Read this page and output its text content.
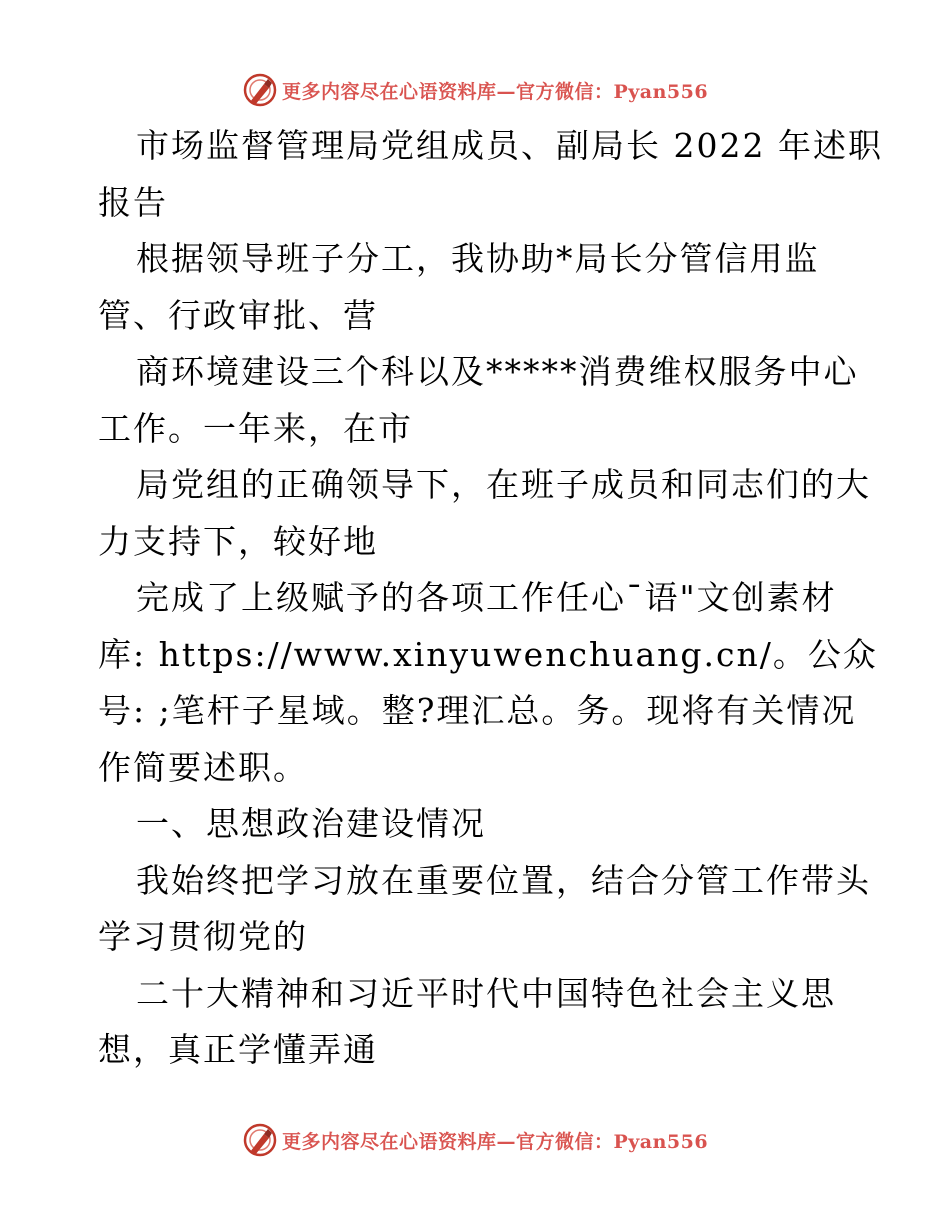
更多内容尽在心语资料库—官方微信：Pyan556
市场监督管理局党组成员、副局长 2022 年述职
报告
根据领导班子分工，我协助*局长分管信用监
管、行政审批、营
商环境建设三个科以及*****消费维权服务中心
工作。一年来，在市
局党组的正确领导下，在班子成员和同志们的大
力支持下，较好地
完成了上级赋予的各项工作任心¯语"文创素材
库: https://www.xinyuwenchuang.cn/。公众
号: ;笔杆子星域。整?理汇总。务。现将有关情况
作简要述职。
一、思想政治建设情况
我始终把学习放在重要位置，结合分管工作带头
学习贯彻党的
二十大精神和习近平时代中国特色社会主义思
想，真正学懂弄通
更多内容尽在心语资料库—官方微信：Pyan556
